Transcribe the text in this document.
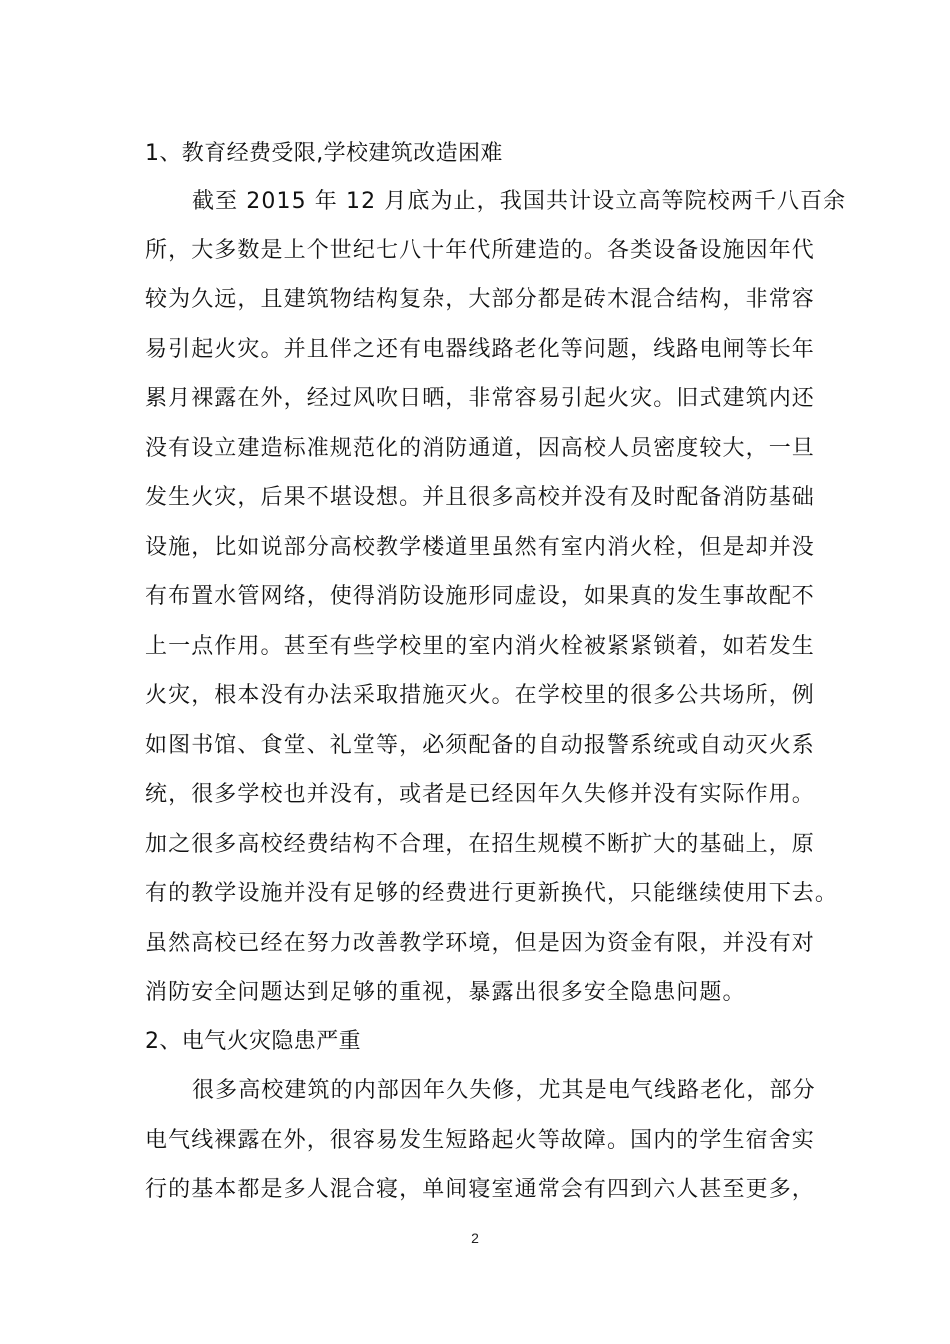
1、教育经费受限,学校建筑改造困难
截至 2015 年 12 月底为止，我国共计设立高等院校两千八百余
所，大多数是上个世纪七八十年代所建造的。各类设备设施因年代
较为久远，且建筑物结构复杂，大部分都是砖木混合结构，非常容
易引起火灾。并且伴之还有电器线路老化等问题，线路电闸等长年
累月裸露在外，经过风吹日晒，非常容易引起火灾。旧式建筑内还
没有设立建造标准规范化的消防通道，因高校人员密度较大，一旦
发生火灾，后果不堪设想。并且很多高校并没有及时配备消防基础
设施，比如说部分高校教学楼道里虽然有室内消火栓，但是却并没
有布置水管网络，使得消防设施形同虚设，如果真的发生事故配不
上一点作用。甚至有些学校里的室内消火栓被紧紧锁着，如若发生
火灾，根本没有办法采取措施灭火。在学校里的很多公共场所，例
如图书馆、食堂、礼堂等，必须配备的自动报警系统或自动灭火系
统，很多学校也并没有，或者是已经因年久失修并没有实际作用。
加之很多高校经费结构不合理，在招生规模不断扩大的基础上，原
有的教学设施并没有足够的经费进行更新换代，只能继续使用下去。
虽然高校已经在努力改善教学环境，但是因为资金有限，并没有对
消防安全问题达到足够的重视，暴露出很多安全隐患问题。
2、电气火灾隐患严重
很多高校建筑的内部因年久失修，尤其是电气线路老化，部分
电气线裸露在外，很容易发生短路起火等故障。国内的学生宿舍实
行的基本都是多人混合寝，单间寝室通常会有四到六人甚至更多，
2
